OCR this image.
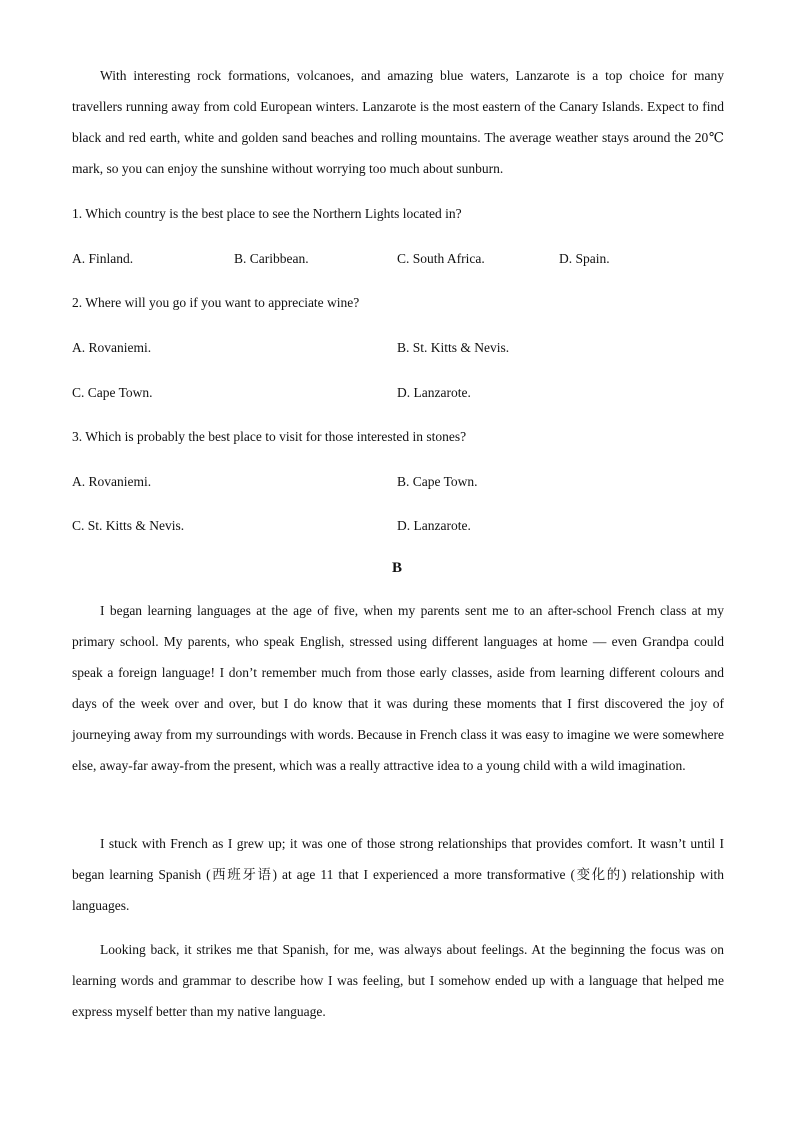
With interesting rock formations, volcanoes, and amazing blue waters, Lanzarote is a top choice for many travellers running away from cold European winters. Lanzarote is the most eastern of the Canary Islands. Expect to find black and red earth, white and golden sand beaches and rolling mountains. The average weather stays around the 20℃ mark, so you can enjoy the sunshine without worrying too much about sunburn.

1. Which country is the best place to see the Northern Lights located in?

A. Finland.	B. Caribbean.	C. South Africa.	D. Spain.

2. Where will you go if you want to appreciate wine?

A. Rovaniemi.	B. St. Kitts & Nevis.
C. Cape Town.	D. Lanzarote.

3. Which is probably the best place to visit for those interested in stones?

A. Rovaniemi.	B. Cape Town.
C. St. Kitts & Nevis.	D. Lanzarote.

B

I began learning languages at the age of five, when my parents sent me to an after-school French class at my primary school. My parents, who speak English, stressed using different languages at home — even Grandpa could speak a foreign language! I don’t remember much from those early classes, aside from learning different colours and days of the week over and over, but I do know that it was during these moments that I first discovered the joy of journeying away from my surroundings with words. Because in French class it was easy to imagine we were somewhere else, away-far away-from the present, which was a really attractive idea to a young child with a wild imagination.

I stuck with French as I grew up; it was one of those strong relationships that provides comfort. It wasn’t until I began learning Spanish (西班牙语) at age 11 that I experienced a more transformative (变化的) relationship with languages.

Looking back, it strikes me that Spanish, for me, was always about feelings. At the beginning the focus was on learning words and grammar to describe how I was feeling, but I somehow ended up with a language that helped me express myself better than my native language.
